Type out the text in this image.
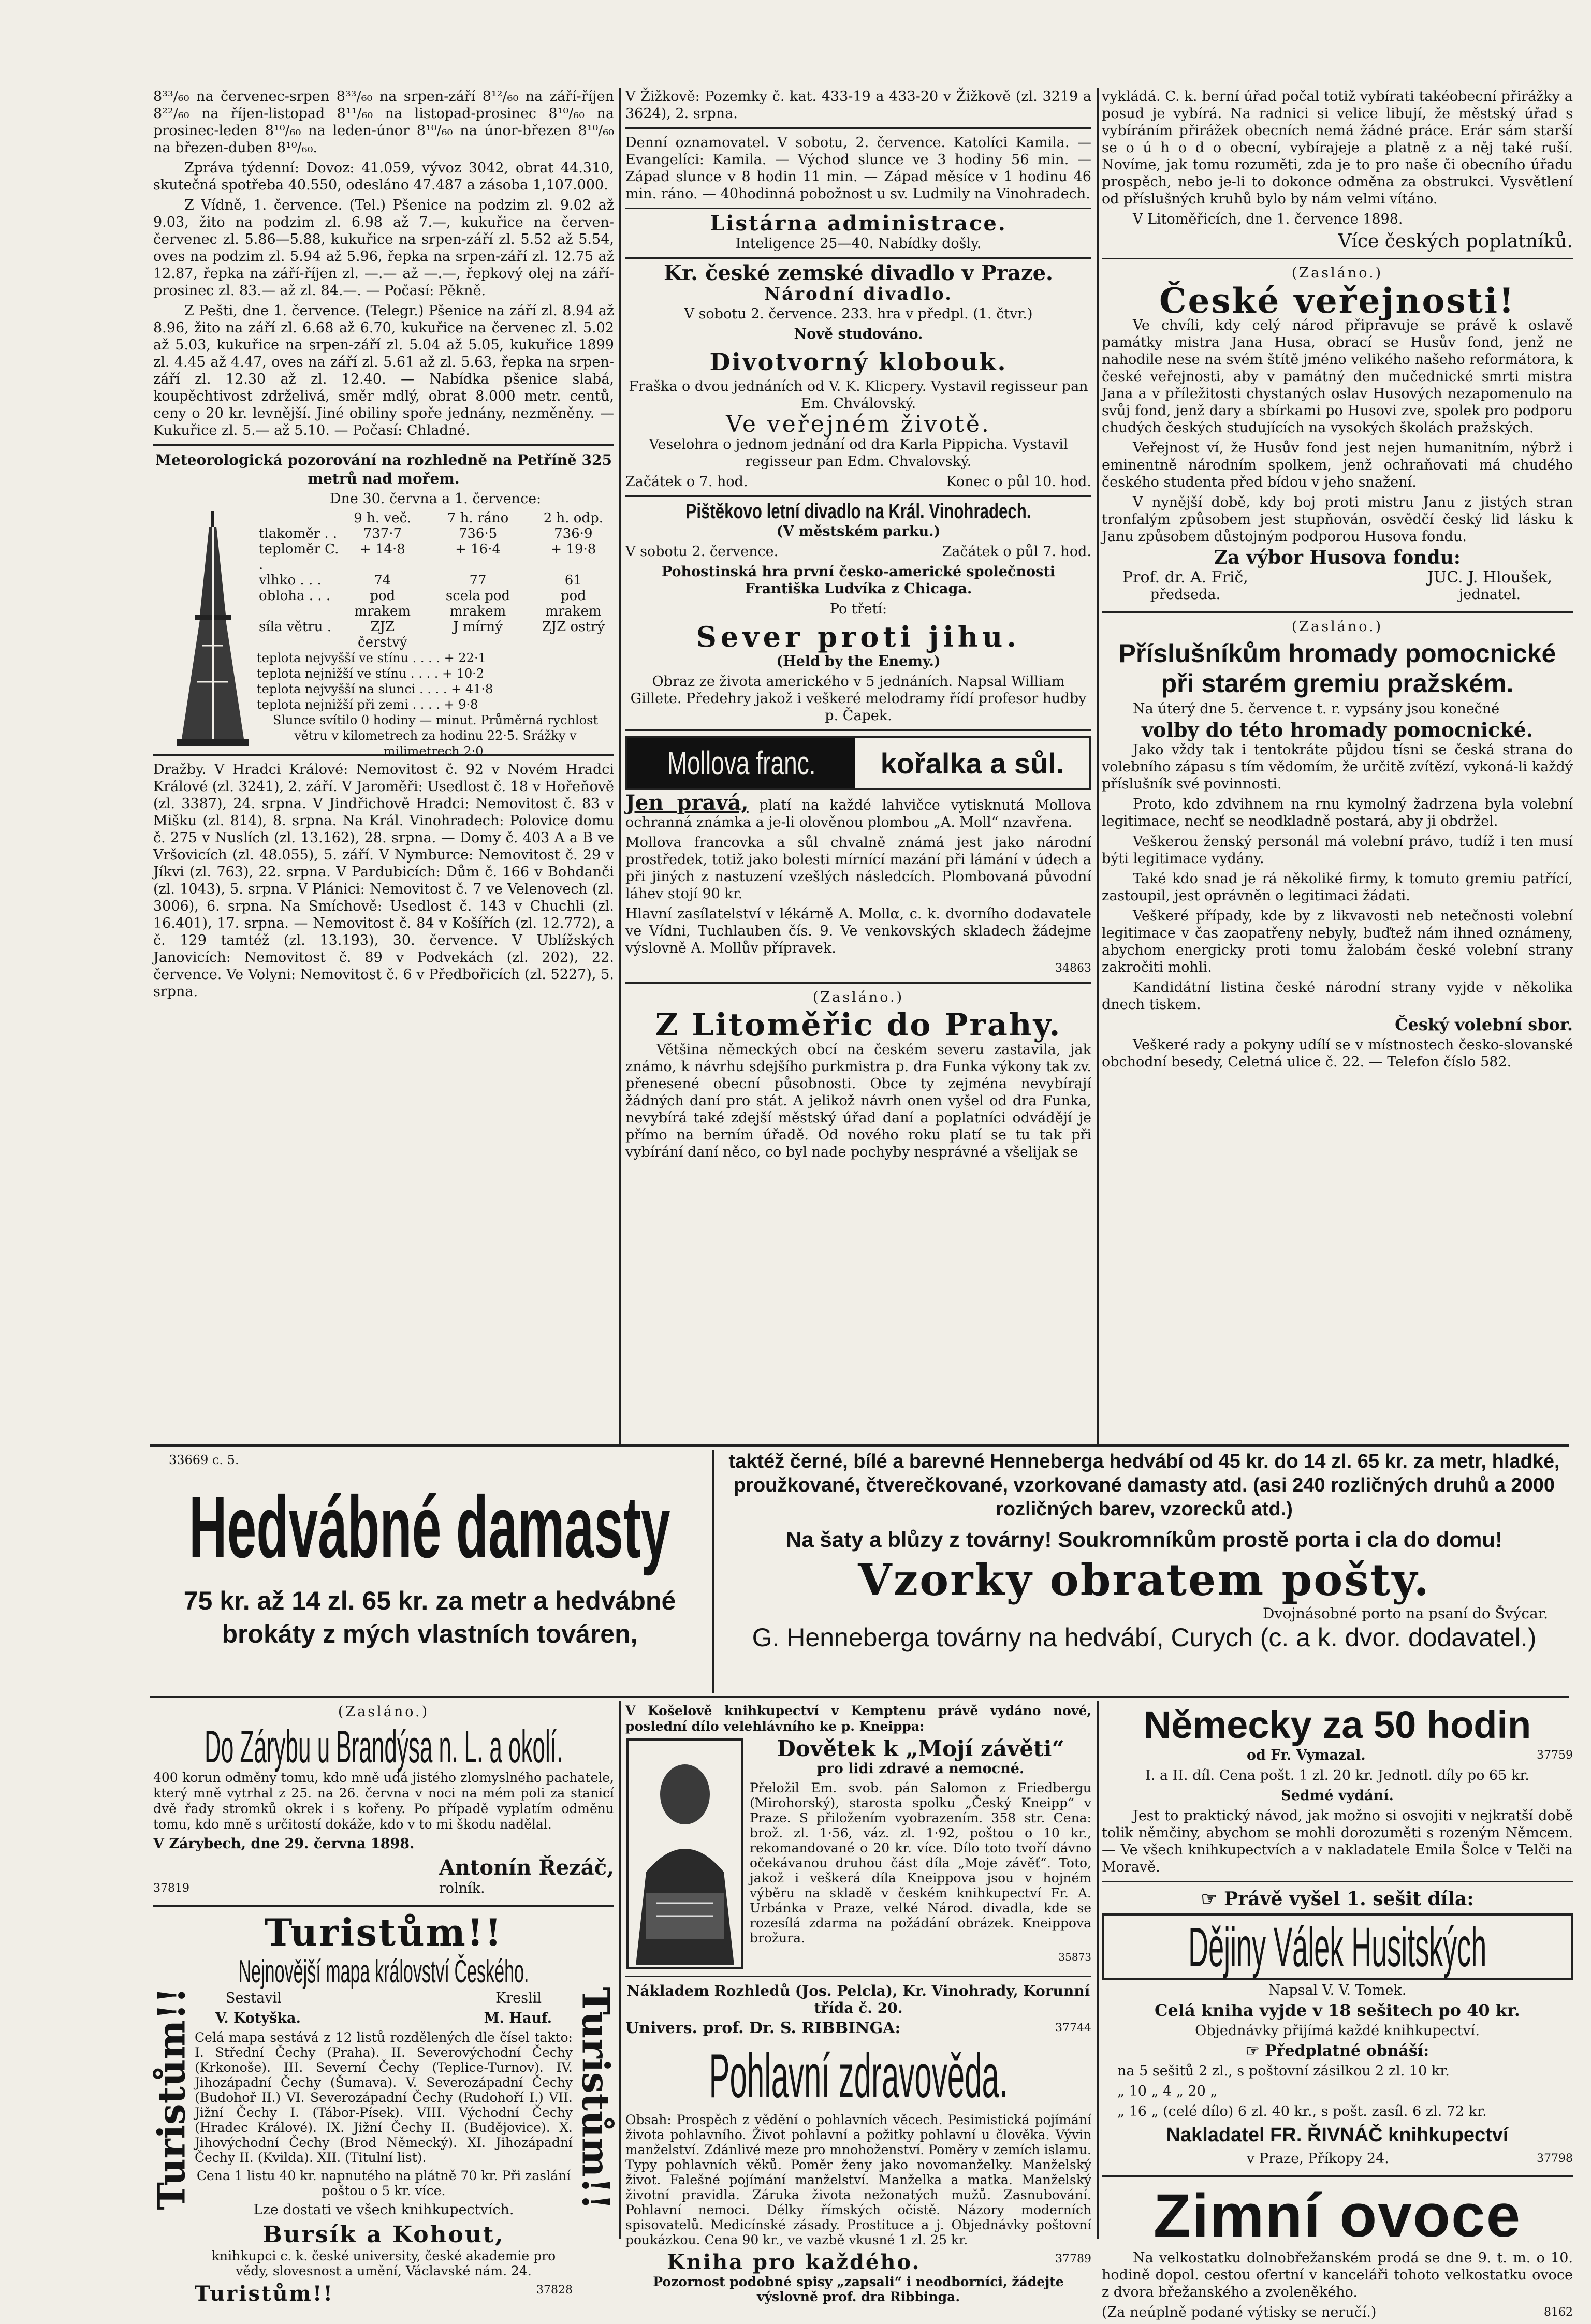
8³³/₆₀ na červenec-srpen 8³³/₆₀ na srpen-září 8¹²/₆₀ na září-říjen 8²²/₆₀ na říjen-listopad 8¹¹/₆₀ na listopad-prosinec 8¹⁰/₆₀ na prosinec-leden 8¹⁰/₆₀ na leden-únor 8¹⁰/₆₀ na únor-březen 8¹⁰/₆₀ na březen-duben 8¹⁰/₆₀.

Zpráva týdenní: Dovoz: 41.059, vývoz 3042, obrat 44.310, skutečná spotřeba 40.550, odesláno 47.487 a zásoba 1,107.000.

Z Vídně, 1. července. (Tel.) Pšenice na podzim zl. 9.02 až 9.03, žito na podzim zl. 6.98 až 7.—, kukuřice na červen-červenec zl. 5.86—5.88, kukuřice na srpen-září zl. 5.52 až 5.54, oves na podzim zl. 5.94 až 5.96, řepka na srpen-září zl. 12.75 až 12.87, řepka na září-říjen zl. —.— až —.—, řepkový olej na září-prosinec zl. 83.— až zl. 84.—. — Počasí: Pěkně.

Z Pešti, dne 1. července. (Telegr.) Pšenice na září zl. 8.94 až 8.96, žito na září zl. 6.68 až 6.70, kukuřice na červenec zl. 5.02 až 5.03, kukuřice na srpen-září zl. 5.04 až 5.05, kukuřice 1899 zl. 4.45 až 4.47, oves na září zl. 5.61 až zl. 5.63, řepka na srpen-září zl. 12.30 až zl. 12.40. — Nabídka pšenice slabá, koupěchtivost zdrželivá, směr mdlý, obrat 8.000 metr. centů, ceny o 20 kr. levnější. Jiné obiliny spoře jednány, nezměněny. — Kukuřice zl. 5.— až 5.10. — Počasí: Chladné.

Meteorologická pozorování na rozhledně na Petříně 325 metrů nad mořem.
Dne 30. června a 1. července:
	9 h. več.	7 h. ráno	2 h. odp.
tlakoměr . .	737·7	736·5	736·9
teploměr C. .	+ 14·8	+ 16·4	+ 19·8
vlhko . . .	74	77	61
obloha . . .	pod mrakem	scela pod mrakem	pod mrakem
síla větru .	ZJZ čerstvý	J mírný	ZJZ ostrý
teplota nejvyšší ve stínu . . . . + 22·1
teplota nejnižší ve stínu . . . . + 10·2
teplota nejvyšší na slunci . . . . + 41·8
teplota nejnižší při zemi . . . . + 9·8
Slunce svítilo 0 hodiny — minut. Průměrná rychlost větru v kilometrech za hodinu 22·5. Srážky v milimetrech 2·0.

Dražby. V Hradci Králové: Nemovitost č. 92 v Novém Hradci Králové (zl. 3241), 2. září. V Jaroměři: Usedlost č. 18 v Hořeňově (zl. 3387), 24. srpna. V Jindřichově Hradci: Nemovitost č. 83 v Mišku (zl. 814), 8. srpna. Na Král. Vinohradech: Polovice domu č. 275 v Nuslích (zl. 13.162), 28. srpna. — Domy č. 403 A a B ve Vršovicích (zl. 48.055), 5. září. V Nymburce: Nemovitost č. 29 v Jíkvi (zl. 763), 22. srpna. V Pardubicích: Dům č. 166 v Bohdanči (zl. 1043), 5. srpna. V Plánici: Nemovitost č. 7 ve Velenovech (zl. 3006), 6. srpna. Na Smíchově: Usedlost č. 143 v Chuchli (zl. 16.401), 17. srpna. — Nemovitost č. 84 v Košířích (zl. 12.772), a č. 129 tamtéž (zl. 13.193), 30. července. V Ublížských Janovicích: Nemovitost č. 89 v Podvekách (zl. 202), 22. července. Ve Volyni: Nemovitost č. 6 v Předbořicích (zl. 5227), 5. srpna.

V Žižkově: Pozemky č. kat. 433-19 a 433-20 v Žižkově (zl. 3219 a 3624), 2. srpna.

Denní oznamovatel. V sobotu, 2. července. Katolíci Kamila. — Evangelíci: Kamila. — Východ slunce ve 3 hodiny 56 min. — Západ slunce v 8 hodin 11 min. — Západ měsíce v 1 hodinu 46 min. ráno. — 40hodinná pobožnost u sv. Ludmily na Vinohradech.

Listárna administrace.
Inteligence 25—40. Nabídky došly.
Kr. české zemské divadlo v Praze.
Národní divadlo.
V sobotu 2. července. 233. hra v předpl. (1. čtvr.)
Nově studováno.
Divotvorný klobouk.
Fraška o dvou jednáních od V. K. Klicpery. Vystavil regisseur pan Em. Chválovský.
Ve veřejném životě.
Veselohra o jednom jednání od dra Karla Pippicha. Vystavil regisseur pan Edm. Chvalovský.
Začátek o 7. hod.	Konec o půl 10. hod.
Pištěkovo letní divadlo na Král. Vinohradech.
(V městském parku.)
V sobotu 2. července.	Začátek o půl 7. hod.
Pohostinská hra první česko-americké společnosti Františka Ludvíka z Chicaga.
Po třetí:
Sever proti jihu.
(Held by the Enemy.)
Obraz ze života amerického v 5 jednáních. Napsal William Gillete. Předehry jakož i veškeré melodramy řídí profesor hudby p. Čapek.
Mollova franc. kořalka a sůl.

Jen pravá, platí na každé lahvičce vytisknutá Mollova ochranná známka a je-li olověnou plombou „A. Moll“ nzavřena.

Mollova francovka a sůl chvalně známá jest jako národní prostředek, totiž jako bolesti mírnící mazání při lámání v údech a při jiných z nastuzení vzešlých následcích. Plombovaná původní láhev stojí 90 kr.

Hlavní zasílatelství v lékárně A. Mollα, c. k. dvorního dodavatele ve Vídni, Tuchlauben čís. 9. Ve venkovských skladech žádejme výslovně A. Mollův přípravek.

34863
(Zasláno.)
Z Litoměřic do Prahy.

Většina německých obcí na českém severu zastavila, jak známo, k návrhu sdejšího purkmistra p. dra Funka výkony tak zv. přenesené obecní působnosti. Obce ty zejména nevybírají žádných daní pro stát. A jelikož návrh onen vyšel od dra Funka, nevybírá také zdejší městský úřad daní a poplatníci odvádějí je přímo na berním úřadě. Od nového roku platí se tu tak při vybírání daní něco, co byl nade pochyby nesprávné a všelijak se

vykládá. C. k. berní úřad počal totiž vybírati takéobecní přirážky a posud je vybírá. Na radnici si velice libují, že městský úřad s vybíráním přirážek obecních nemá žádné práce. Erár sám starší se o ú h o d o obecní, vybírajeje a platně z a něj také ruší. Novíme, jak tomu rozuměti, zda je to pro naše či obecního úřadu prospěch, nebo je-li to dokonce odměna za obstrukci. Vysvětlení od příslušných kruhů bylo by nám velmi vítáno.

V Litoměřicích, dne 1. července 1898.
Více českých poplatníků.
(Zasláno.)
České veřejnosti!

Ve chvíli, kdy celý národ připravuje se právě k oslavě památky mistra Jana Husa, obrací se Husův fond, jenž ne nahodile nese na svém štítě jméno velikého našeho reformátora, k české veřejnosti, aby v památný den mučednické smrti mistra Jana a v příležitosti chystaných oslav Husových nezapomenulo na svůj fond, jenž dary a sbírkami po Husovi zve, spolek pro podporu chudých českých studujících na vysokých školách pražských.

Veřejnost ví, že Husův fond jest nejen humanitním, nýbrž i eminentně národním spolkem, jenž ochraňovati má chudého českého studenta před bídou v jeho snažení.

V nynější době, kdy boj proti mistru Janu z jistých stran tronfalým způsobem jest stupňován, osvědčí český lid lásku k Janu způsobem důstojným podporou Husova fondu.

Za výbor Husova fondu:
Prof. dr. A. Frič,
předseda.
JUC. J. Hloušek,
jednatel.
(Zasláno.)
Příslušníkům hromady pomocnické při starém gremiu pražském.
Na úterý dne 5. července t. r. vypsány jsou konečné
volby do této hromady pomocnické.

Jako vždy tak i tentokráte půjdou tísni se česká strana do volebního zápasu s tím vědomím, že určitě zvítězí, vykoná-li každý příslušník své povinnosti.

Proto, kdo zdvihnem na rnu kymolný žadrzena byla volební legitimace, nechť se neodkladně postará, aby ji obdržel.

Veškerou ženský personál má volební právo, tudíž i ten musí býti legitimace vydány.

Také kdo snad je rá několiké firmy, k tomuto gremiu patřící, zastoupil, jest oprávněn o legitimaci žádati.

Veškeré případy, kde by z likvavosti neb netečnosti volební legitimace v čas zaopatřeny nebyly, buďtež nám ihned oznámeny, abychom energicky proti tomu žalobám české volební strany zakročiti mohli.

Kandidátní listina české národní strany vyjde v několika dnech tiskem.

Český volební sbor.

Veškeré rady a pokyny udílí se v místnostech česko-slovanské obchodní besedy, Celetná ulice č. 22. — Telefon číslo 582.

33669 c. 5.
Hedvábné damasty
75 kr. až 14 zl. 65 kr. za metr a hedvábné brokáty z mých vlastních továren,
taktéž černé, bílé a barevné Henneberga hedvábí od 45 kr. do 14 zl. 65 kr. za metr, hladké, proužkované, čtverečkované, vzorkované damasty atd. (asi 240 rozličných druhů a 2000 rozličných barev, vzorecků atd.)
Na šaty a blůzy z továrny! Soukromníkům prostě porta i cla do domu!
Vzorky obratem pošty.
Dvojnásobné porto na psaní do Švýcar.
G. Henneberga továrny na hedvábí, Curych (c. a k. dvor. dodavatel.)
(Zasláno.)
Do Zárybu u Brandýsa n. L. a okolí.

400 korun odměny tomu, kdo mně udá jistého zlomyslného pachatele, který mně vytrhal z 25. na 26. června v noci na mém poli za stanicí dvě řady stromků okrek i s kořeny. Po případě vyplatím odměnu tomu, kdo mně s určitostí dokáže, kdo v to mi škodu nadělal.

V Zárybech, dne 29. června 1898.
37819
Antonín Řezáč,
rolník.
Turistům!!	Turistům!!
Turistům!!
Nejnovější mapa království Českého.
Sestavil	Kreslil
V. Kotyška.	M. Hauf.

Celá mapa sestává z 12 listů rozdělených dle čísel takto: I. Střední Čechy (Praha). II. Severovýchodní Čechy (Krkonoše). III. Severní Čechy (Teplice-Turnov). IV. Jihozápadní Čechy (Šumava). V. Severozápadní Čechy (Budohoř II.) VI. Severozápadní Čechy (Rudohoří I.) VII. Jižní Čechy I. (Tábor-Písek). VIII. Východní Čechy (Hradec Králové). IX. Jižní Čechy II. (Budějovice). X. Jihovýchodní Čechy (Brod Německý). XI. Jihozápadní Čechy II. (Kvilda). XII. (Titulní list).

Cena 1 listu 40 kr. napnutého na plátně 70 kr. Při zaslání poštou o 5 kr. více.

Lze dostati ve všech knihkupectvích.
Bursík a Kohout,
knihkupci c. k. české university, české akademie pro vědy, slovesnost a umění, Václavské nám. 24.
Turistům!!	37828
V Košelově knihkupectví v Kemptenu právě vydáno nové, poslední dílo velehlávního ke p. Kneippa:
Dovětek k „Mojí závěti“
pro lidi zdravé a nemocné.

Přeložil Em. svob. pán Salomon z Friedbergu (Mirohorský), starosta spolku „Český Kneipp“ v Praze. S přiložením vyobrazením. 358 str. Cena: brož. zl. 1·56, váz. zl. 1·92, poštou o 10 kr., rekomandované o 20 kr. více. Dílo toto tvoří dávno očekávanou druhou část díla „Moje závěť“. Toto, jakož i veškerá díla Kneippova jsou v hojném výběru na skladě v českém knihkupectví Fr. A. Urbánka v Praze, velké Národ. divadla, kde se rozesílá zdarma na požádání obrázek. Kneippova brožura.

35873
Nákladem Rozhledů (Jos. Pelcla), Kr. Vinohrady, Korunní třída č. 20.
Univers. prof. Dr. S. RIBBINGA:	37744
Pohlavní zdravověda.

Obsah: Prospěch z vědění o pohlavních věcech. Pesimistická pojímání života pohlavního. Život pohlavní a požitky pohlavní u člověka. Vývin manželství. Zdánlivé meze pro mnohoženství. Poměry v zemích islamu. Typy pohlavních věků. Poměr ženy jako novomanželky. Manželský život. Falešné pojímání manželství. Manželka a matka. Manželský životní pravidla. Záruka života nežonatých mužů. Zasnubování. Pohlavní nemoci. Délky římských očistě. Názory moderních spisovatelů. Medicínské zásady. Prostituce a j. Objednávky poštovní poukázkou. Cena 90 kr., ve vazbě vkusné 1 zl. 25 kr.

Kniha pro každého.	37789

Pozornost podobné spisy „zapsali“ i neodborníci, žádejte výslovně prof. dra Ribbinga.

Německy za 50 hodin
od Fr. Vymazal.	37759
I. a II. díl. Cena pošt. 1 zl. 20 kr. Jednotl. díly po 65 kr.
Sedmé vydání.

Jest to praktický návod, jak možno si osvojiti v nejkratší době tolik němčiny, abychom se mohli dorozuměti s rozeným Němcem. — Ve všech knihkupectvích a v nakladatele Emila Šolce v Telči na Moravě.

☞ Právě vyšel 1. sešit díla:
Dějiny Válek Husitských
Napsal V. V. Tomek.
Celá kniha vyjde v 18 sešitech po 40 kr.
Objednávky přijímá každé knihkupectví.
☞ Předplatné obnáší:
na 5 sešitů 2 zl., s poštovní zásilkou 2 zl. 10 kr.
„ 10 „ 4 „ 20 „
„ 16 „ (celé dílo) 6 zl. 40 kr., s pošt. zasíl. 6 zl. 72 kr.
Nakladatel FR. ŘIVNÁČ knihkupectví
v Praze, Příkopy 24.	37798
Zimní ovoce

Na velkostatku dolnobřežanském prodá se dne 9. t. m. o 10. hodině dopol. cestou ofertní v kanceláři tohoto velkostatku ovoce z dvora břežanského a zvoleněkého.

(Za neúplně podané výtisky se neručí.)	8162
